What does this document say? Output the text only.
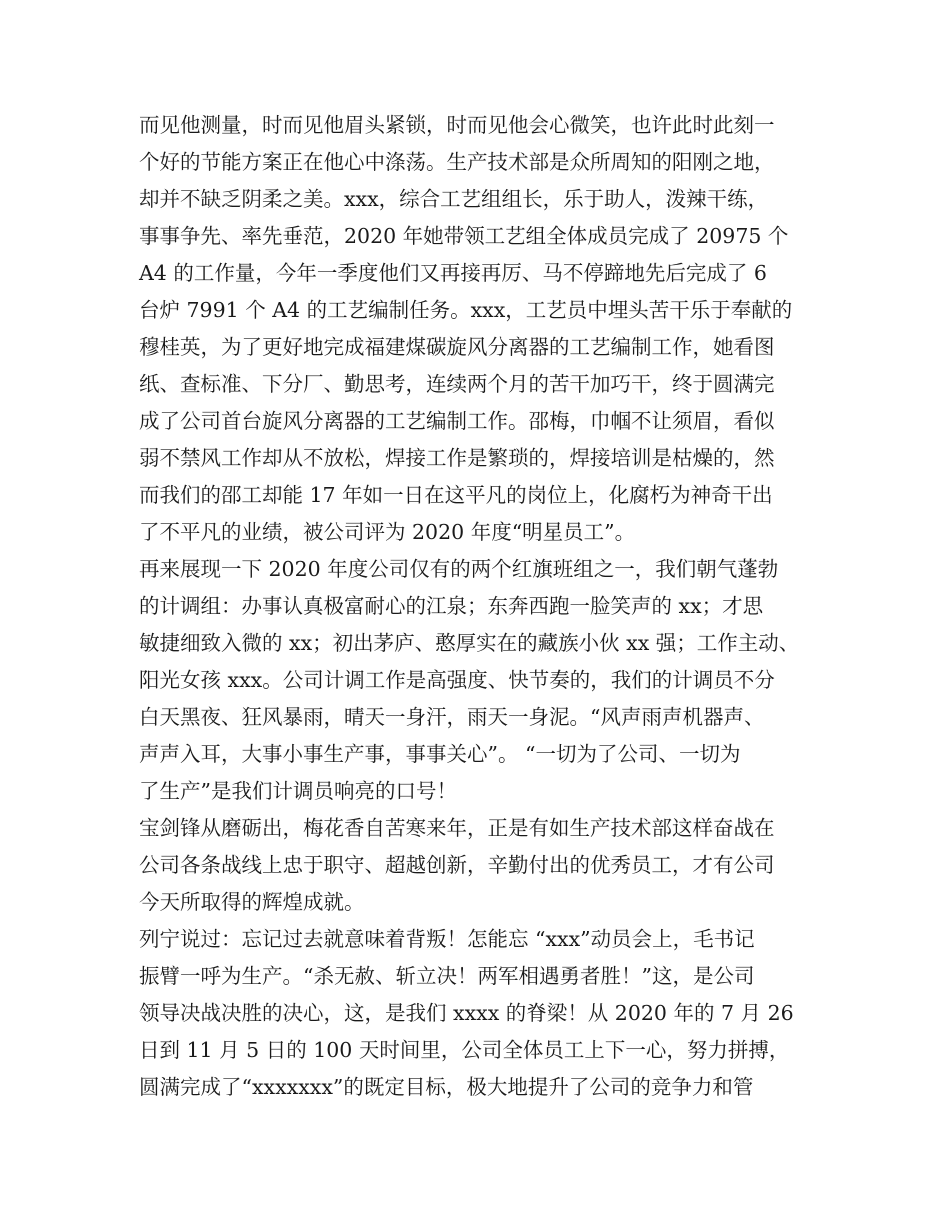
而见他测量，时而见他眉头紧锁，时而见他会心微笑，也许此时此刻一
个好的节能方案正在他心中涤荡。生产技术部是众所周知的阳刚之地，
却并不缺乏阴柔之美。xxx，综合工艺组组长，乐于助人，泼辣干练，
事事争先、率先垂范，2020 年她带领工艺组全体成员完成了 20975 个
A4 的工作量，今年一季度他们又再接再厉、马不停蹄地先后完成了 6
台炉 7991 个 A4 的工艺编制任务。xxx，工艺员中埋头苦干乐于奉献的
穆桂英，为了更好地完成福建煤碳旋风分离器的工艺编制工作，她看图
纸、查标准、下分厂、勤思考，连续两个月的苦干加巧干，终于圆满完
成了公司首台旋风分离器的工艺编制工作。邵梅，巾帼不让须眉，看似
弱不禁风工作却从不放松，焊接工作是繁琐的，焊接培训是枯燥的，然
而我们的邵工却能 17 年如一日在这平凡的岗位上，化腐朽为神奇干出
了不平凡的业绩，被公司评为 2020 年度“明星员工”。
再来展现一下 2020 年度公司仅有的两个红旗班组之一，我们朝气蓬勃
的计调组：办事认真极富耐心的江泉；东奔西跑一脸笑声的 xx；才思
敏捷细致入微的 xx；初出茅庐、憨厚实在的藏族小伙 xx 强；工作主动、
阳光女孩 xxx。公司计调工作是高强度、快节奏的，我们的计调员不分
白天黑夜、狂风暴雨，晴天一身汗，雨天一身泥。“风声雨声机器声、
声声入耳，大事小事生产事，事事关心”。 “一切为了公司、一切为
了生产”是我们计调员响亮的口号！
宝剑锋从磨砺出，梅花香自苦寒来年，正是有如生产技术部这样奋战在
公司各条战线上忠于职守、超越创新，辛勤付出的优秀员工，才有公司
今天所取得的辉煌成就。
列宁说过：忘记过去就意味着背叛！怎能忘 “xxx”动员会上，毛书记
振臂一呼为生产。“杀无赦、斩立决！两军相遇勇者胜！”这，是公司
领导决战决胜的决心，这，是我们 xxxx 的脊梁！从 2020 年的 7 月 26
日到 11 月 5 日的 100 天时间里，公司全体员工上下一心，努力拼搏，
圆满完成了“xxxxxxx”的既定目标，极大地提升了公司的竞争力和管
